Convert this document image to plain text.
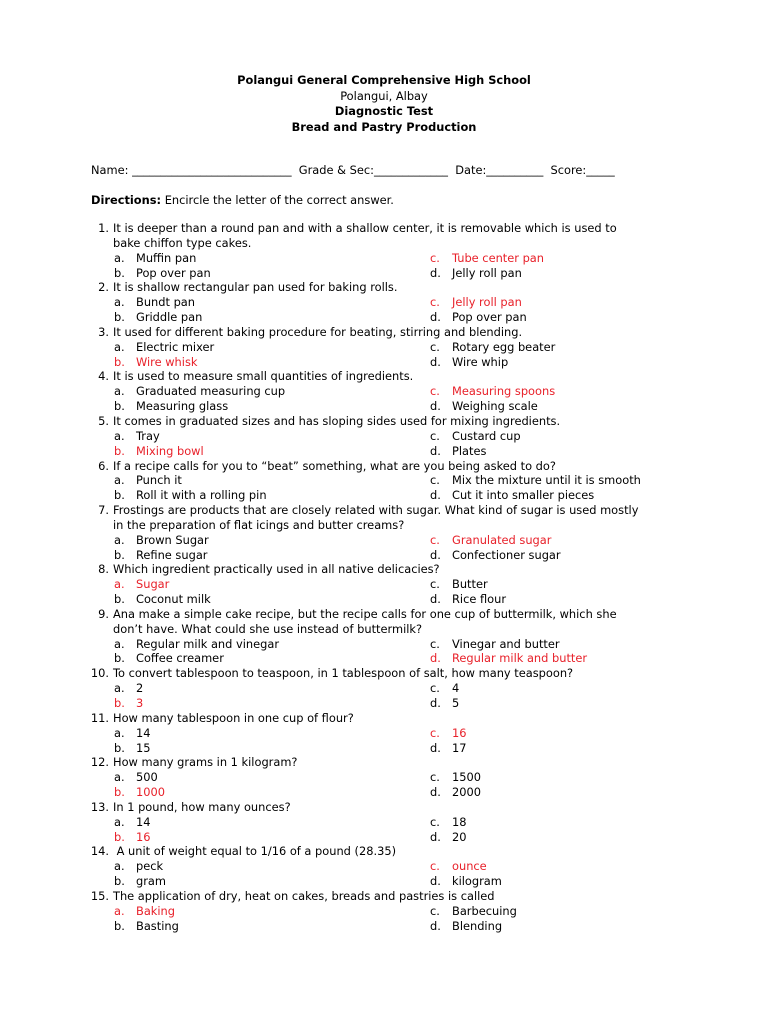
Polangui General Comprehensive High School
Polangui, Albay
Diagnostic Test
Bread and Pastry Production
Name: ____________________________  Grade & Sec:_____________  Date:__________  Score:_____
Directions: Encircle the letter of the correct answer.
1. It is deeper than a round pan and with a shallow center, it is removable which is used to
bake chiffon type cakes.
a. Muffin pan	c. Tube center pan
b. Pop over pan	d. Jelly roll pan
2. It is shallow rectangular pan used for baking rolls.
a. Bundt pan	c. Jelly roll pan
b. Griddle pan	d. Pop over pan
3. It used for different baking procedure for beating, stirring and blending.
a. Electric mixer	c. Rotary egg beater
b. Wire whisk	d. Wire whip
4. It is used to measure small quantities of ingredients.
a. Graduated measuring cup	c. Measuring spoons
b. Measuring glass	d. Weighing scale
5. It comes in graduated sizes and has sloping sides used for mixing ingredients.
a. Tray	c. Custard cup
b. Mixing bowl	d. Plates
6. If a recipe calls for you to “beat” something, what are you being asked to do?
a. Punch it	c. Mix the mixture until it is smooth
b. Roll it with a rolling pin	d. Cut it into smaller pieces
7. Frostings are products that are closely related with sugar. What kind of sugar is used mostly
in the preparation of flat icings and butter creams?
a. Brown Sugar	c. Granulated sugar
b. Refine sugar	d. Confectioner sugar
8. Which ingredient practically used in all native delicacies?
a. Sugar	c. Butter
b. Coconut milk	d. Rice flour
9. Ana make a simple cake recipe, but the recipe calls for one cup of buttermilk, which she
don’t have. What could she use instead of buttermilk?
a. Regular milk and vinegar	c. Vinegar and butter
b. Coffee creamer	d. Regular milk and butter
10. To convert tablespoon to teaspoon, in 1 tablespoon of salt, how many teaspoon?
a. 2	c. 4
b. 3	d. 5
11. How many tablespoon in one cup of flour?
a. 14	c. 16
b. 15	d. 17
12. How many grams in 1 kilogram?
a. 500	c. 1500
b. 1000	d. 2000
13. In 1 pound, how many ounces?
a. 14	c. 18
b. 16	d. 20
14. A unit of weight equal to 1/16 of a pound (28.35)
a. peck	c. ounce
b. gram	d. kilogram
15. The application of dry, heat on cakes, breads and pastries is called
a. Baking	c. Barbecuing
b. Basting	d. Blending
